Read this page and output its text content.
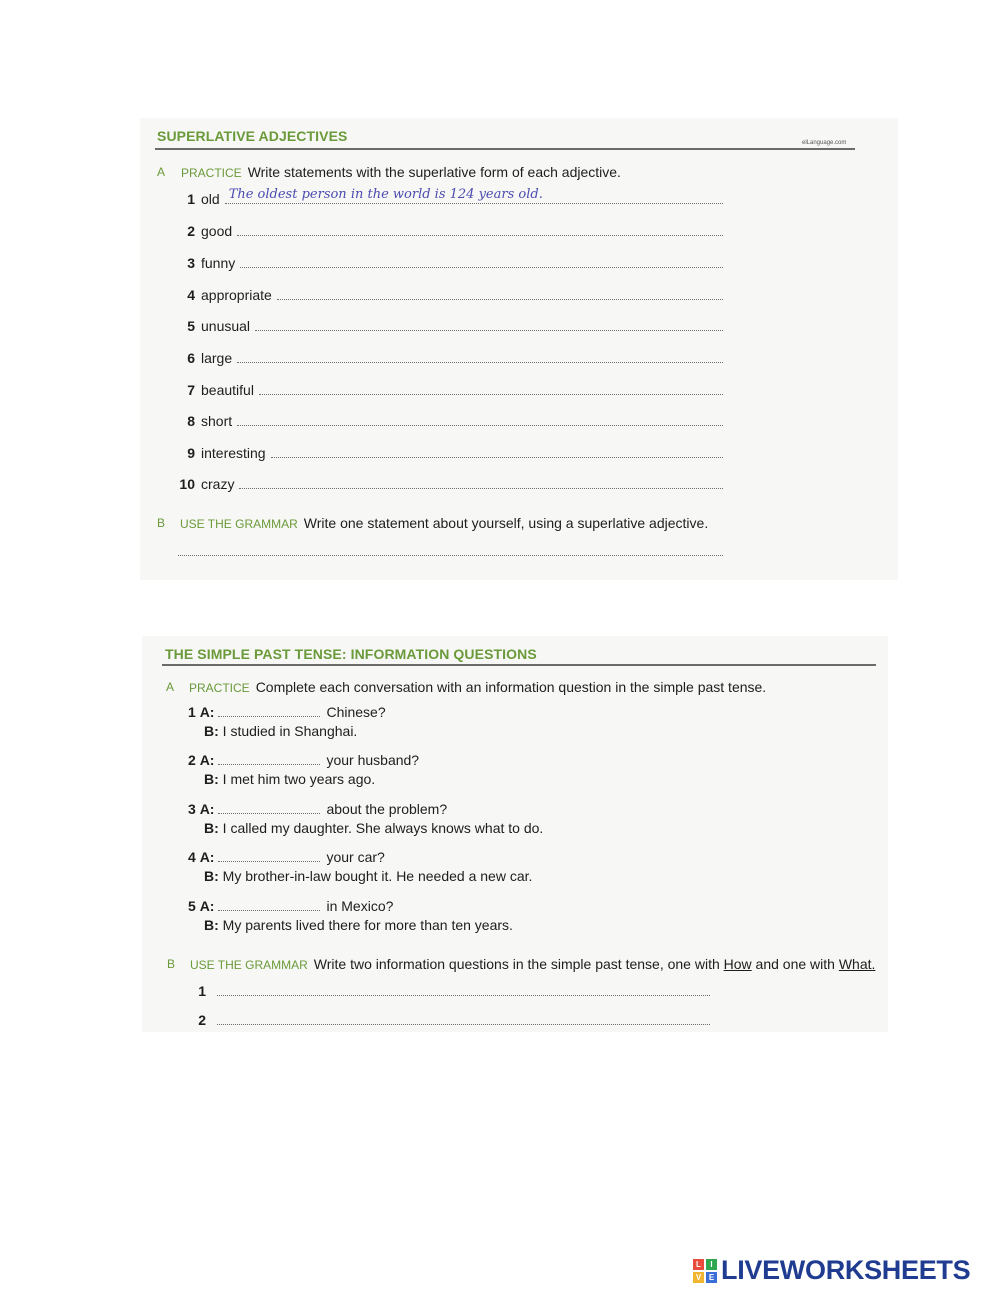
SUPERLATIVE ADJECTIVES	elLanguage.com
A PRACTICE Write statements with the superlative form of each adjective.
1 old The oldest person in the world is 124 years old.
2 good
3 funny
4 appropriate
5 unusual
6 large
7 beautiful
8 short
9 interesting
10 crazy
B USE THE GRAMMAR Write one statement about yourself, using a superlative adjective.
THE SIMPLE PAST TENSE: INFORMATION QUESTIONS
A PRACTICE Complete each conversation with an information question in the simple past tense.
1 A:	Chinese?
B: I studied in Shanghai.
2 A:	your husband?
B: I met him two years ago.
3 A:	about the problem?
B: I called my daughter. She always knows what to do.
4 A:	your car?
B: My brother-in-law bought it. He needed a new car.
5 A:	in Mexico?
B: My parents lived there for more than ten years.
B USE THE GRAMMAR Write two information questions in the simple past tense, one with How and one with What.
1
2
L	I
V E LIVEWORKSHEETS
